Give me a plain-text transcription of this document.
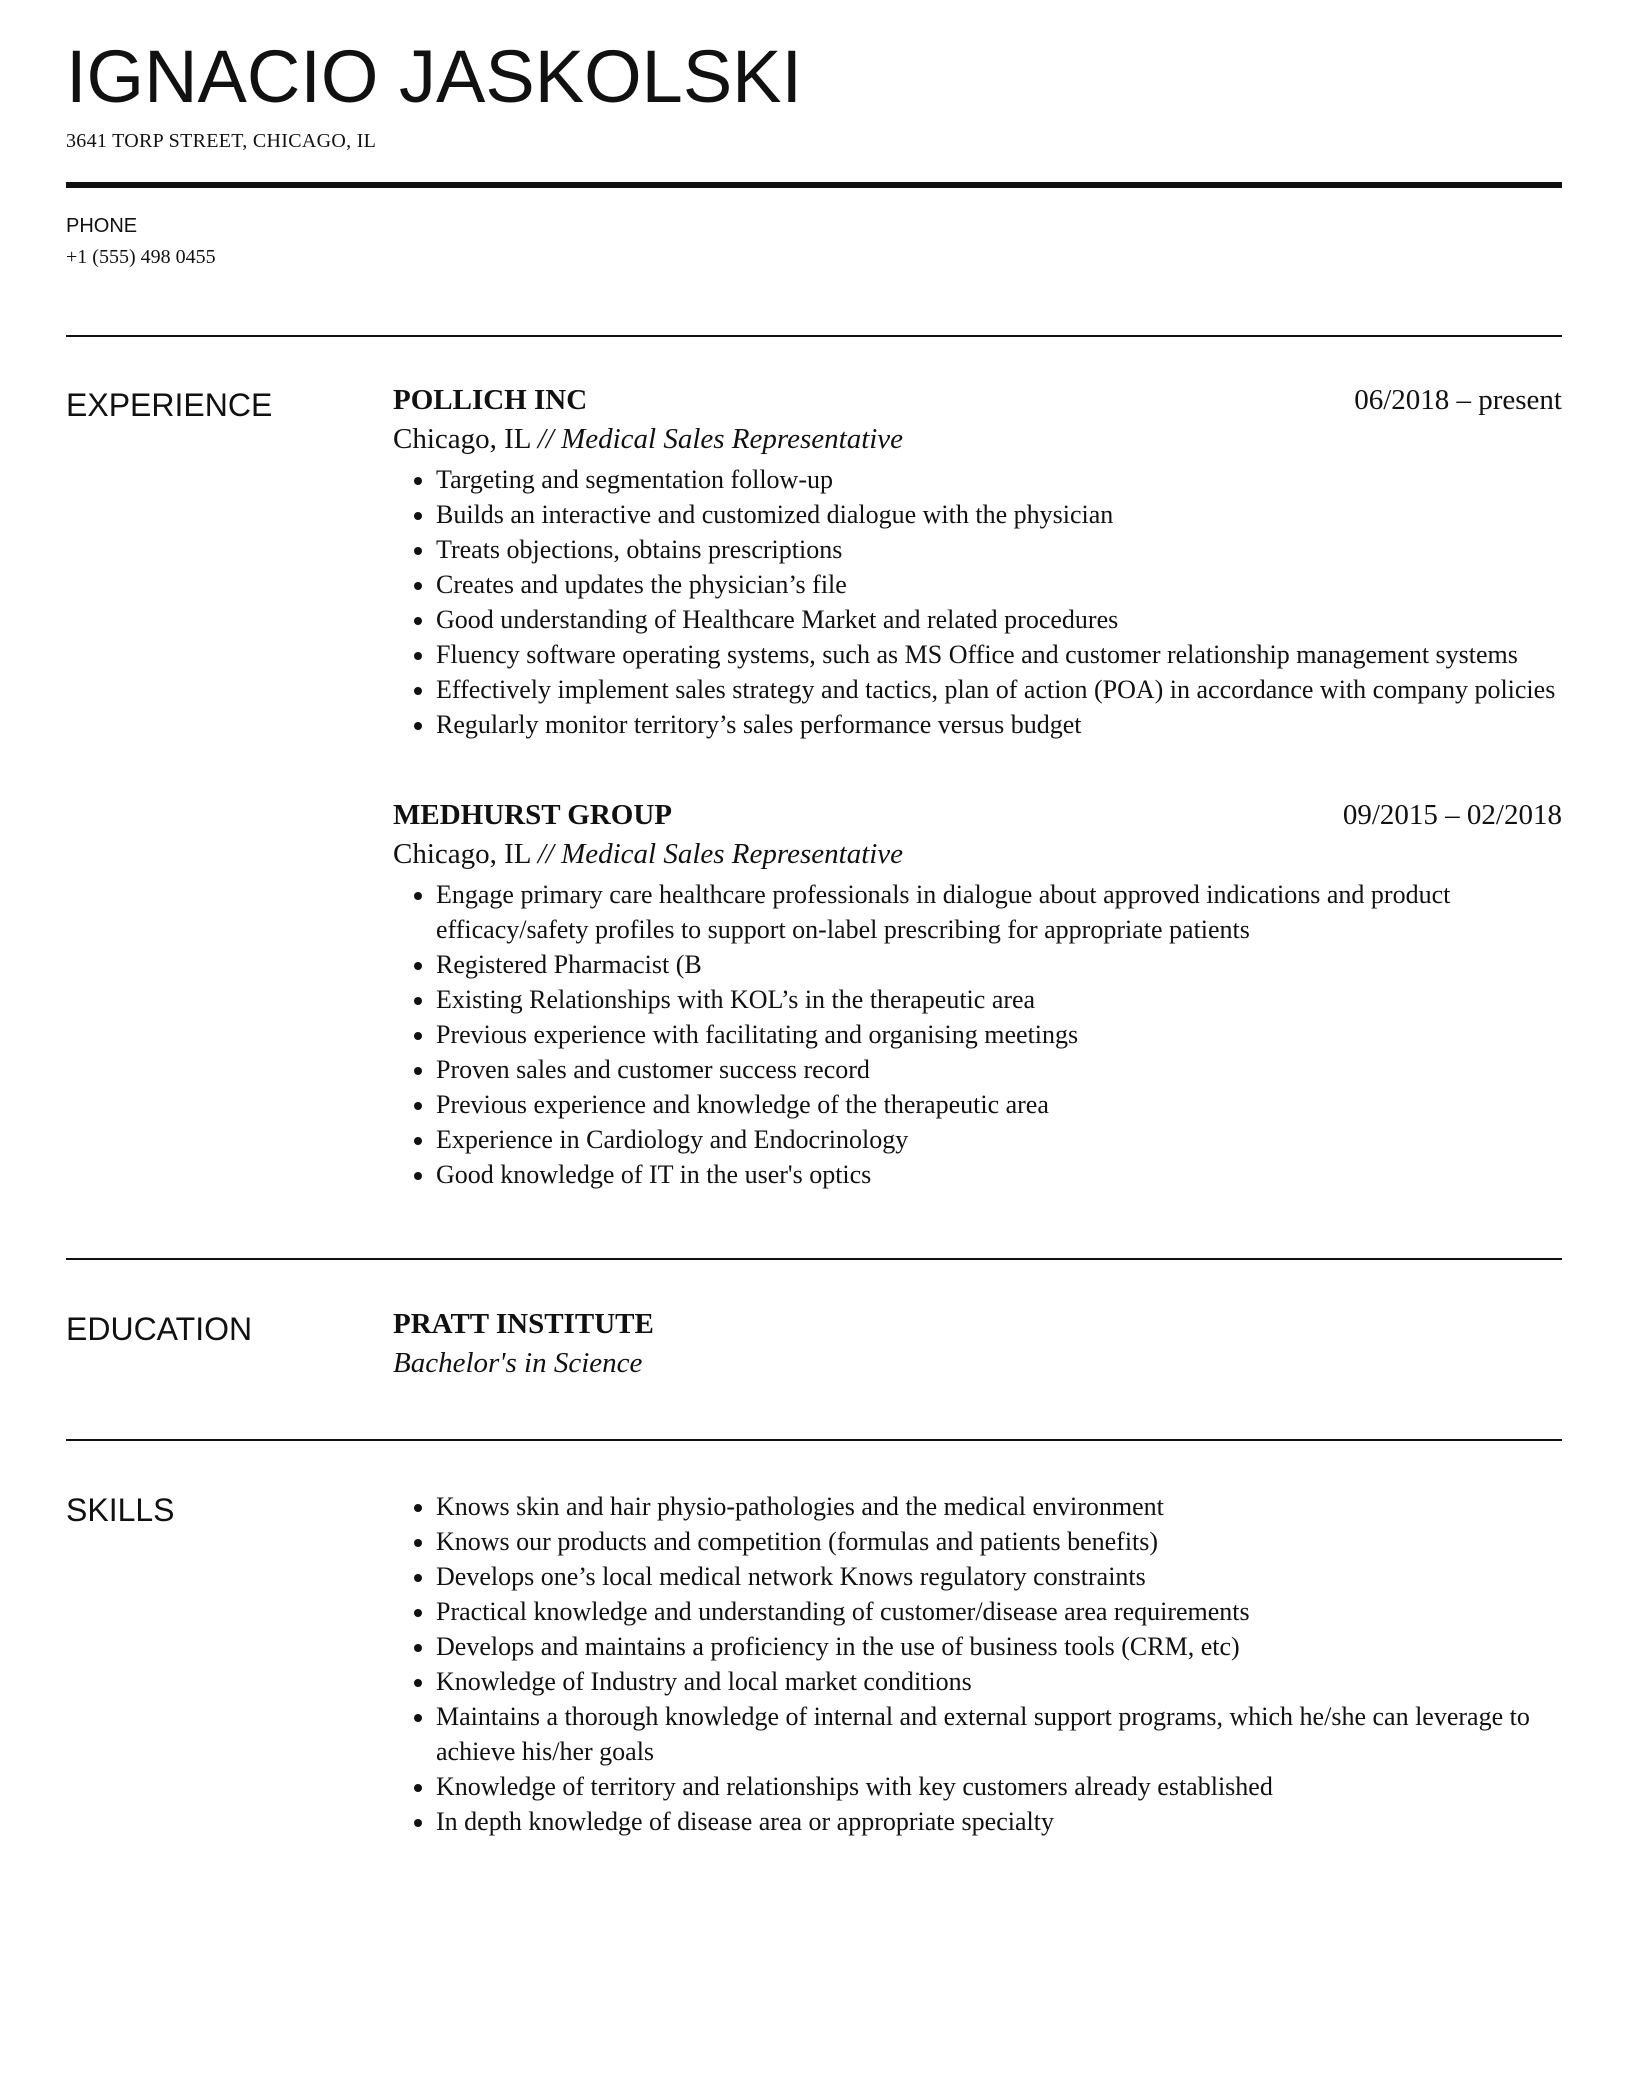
IGNACIO JASKOLSKI
3641 TORP STREET, CHICAGO, IL
PHONE
+1 (555) 498 0455
EXPERIENCE	POLLICH INC	06/2018 – present
Chicago, IL // Medical Sales Representative
• Targeting and segmentation follow-up
• Builds an interactive and customized dialogue with the physician
• Treats objections, obtains prescriptions
• Creates and updates the physician’s file
• Good understanding of Healthcare Market and related procedures
• Fluency software operating systems, such as MS Office and customer relationship management systems
• Effectively implement sales strategy and tactics, plan of action (POA) in accordance with company policies
• Regularly monitor territory’s sales performance versus budget
MEDHURST GROUP	09/2015 – 02/2018
Chicago, IL // Medical Sales Representative
• Engage primary care healthcare professionals in dialogue about approved indications and product efficacy/safety profiles to support on-label prescribing for appropriate patients
• Registered Pharmacist (B
• Existing Relationships with KOL’s in the therapeutic area
• Previous experience with facilitating and organising meetings
• Proven sales and customer success record
• Previous experience and knowledge of the therapeutic area
• Experience in Cardiology and Endocrinology
• Good knowledge of IT in the user's optics
EDUCATION	PRATT INSTITUTE
Bachelor's in Science
SKILLS
•	Knows skin and hair physio-pathologies and the medical environment
• Knows our products and competition (formulas and patients benefits)
• Develops one’s local medical network Knows regulatory constraints
• Practical knowledge and understanding of customer/disease area requirements
• Develops and maintains a proficiency in the use of business tools (CRM, etc)
• Knowledge of Industry and local market conditions
• Maintains a thorough knowledge of internal and external support programs, which he/she can leverage to achieve his/her goals
• Knowledge of territory and relationships with key customers already established
• In depth knowledge of disease area or appropriate specialty
